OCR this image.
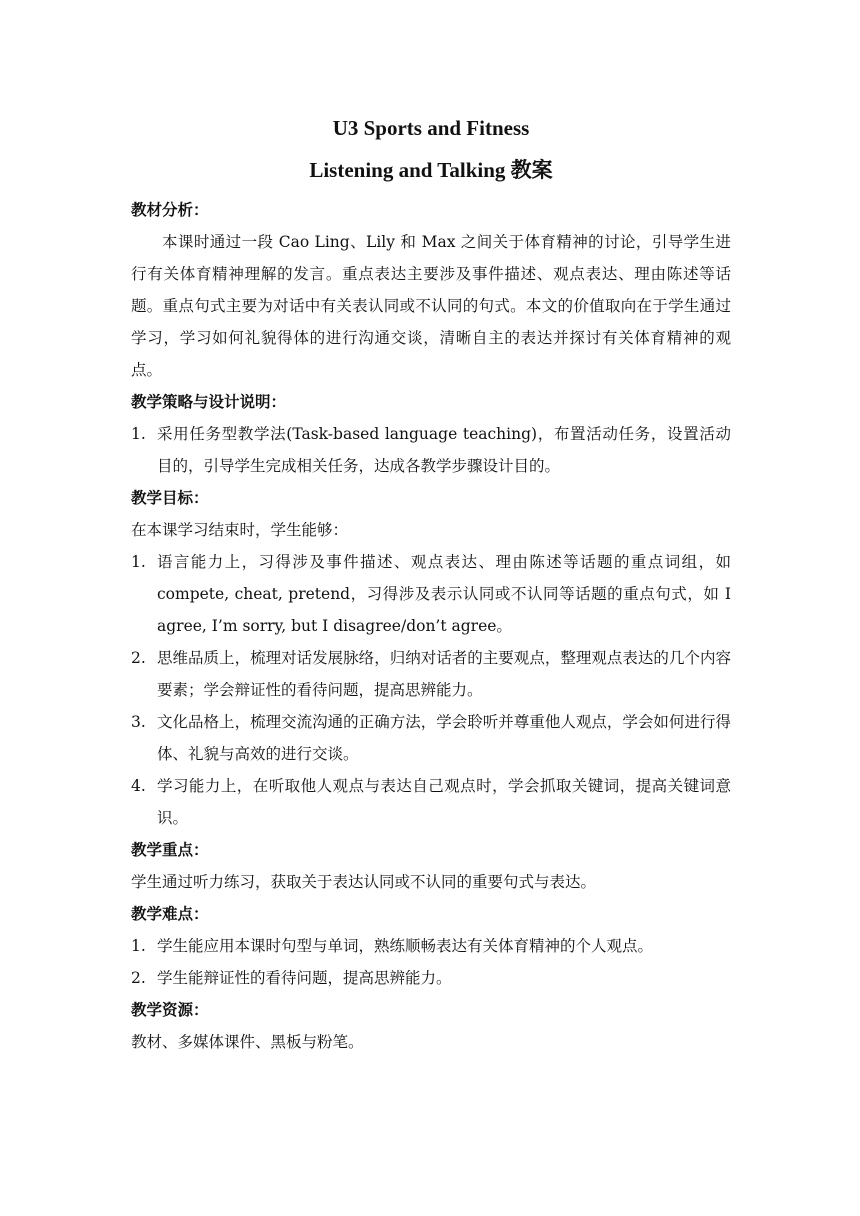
U3 Sports and Fitness
Listening and Talking 教案

教材分析：

本课时通过一段 Cao Ling、Lily 和 Max 之间关于体育精神的讨论，引导学生进行有关体育精神理解的发言。重点表达主要涉及事件描述、观点表达、理由陈述等话题。重点句式主要为对话中有关表认同或不认同的句式。本文的价值取向在于学生通过学习，学习如何礼貌得体的进行沟通交谈，清晰自主的表达并探讨有关体育精神的观点。

教学策略与设计说明：

1. 采用任务型教学法(Task-based language teaching)，布置活动任务，设置活动目的，引导学生完成相关任务，达成各教学步骤设计目的。

教学目标：

在本课学习结束时，学生能够：

1. 语言能力上，习得涉及事件描述、观点表达、理由陈述等话题的重点词组，如 compete, cheat, pretend，习得涉及表示认同或不认同等话题的重点句式，如 I agree, I’m sorry, but I disagree/don’t agree。
2. 思维品质上，梳理对话发展脉络，归纳对话者的主要观点，整理观点表达的几个内容要素；学会辩证性的看待问题，提高思辨能力。
3. 文化品格上，梳理交流沟通的正确方法，学会聆听并尊重他人观点，学会如何进行得体、礼貌与高效的进行交谈。
4. 学习能力上，在听取他人观点与表达自己观点时，学会抓取关键词，提高关键词意识。

教学重点：

学生通过听力练习，获取关于表达认同或不认同的重要句式与表达。

教学难点：

1. 学生能应用本课时句型与单词，熟练顺畅表达有关体育精神的个人观点。
2. 学生能辩证性的看待问题，提高思辨能力。

教学资源：

教材、多媒体课件、黑板与粉笔。
